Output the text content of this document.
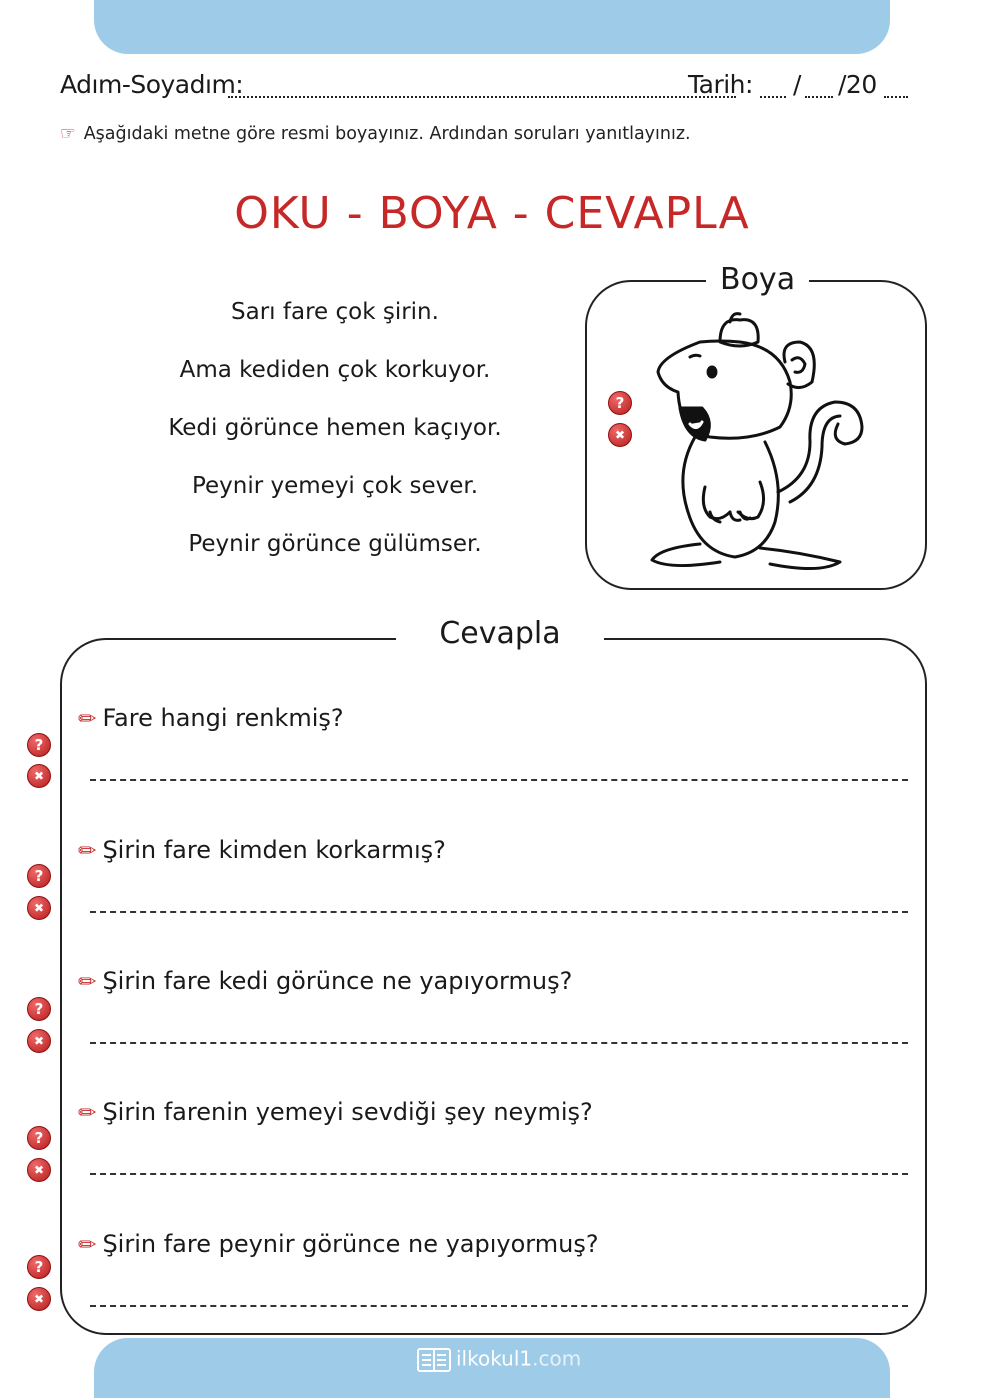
Adım-Soyadım:	Tarih: / /20
☞ Aşağıdaki metne göre resmi boyayınız. Ardından soruları yanıtlayınız.
OKU - BOYA - CEVAPLA
Sarı fare çok şirin.
Ama kediden çok korkuyor.
Kedi görünce hemen kaçıyor.
Peynir yemeyi çok sever.
Peynir görünce gülümser.
Boya
?
✖
Cevapla
✏ Fare hangi renkmiş?
?
✖
✏ Şirin fare kimden korkarmış?
?
✖
✏ Şirin fare kedi görünce ne yapıyormuş?
?
✖
✏ Şirin farenin yemeyi sevdiği şey neymiş?
?
✖
✏ Şirin fare peynir görünce ne yapıyormuş?
?
✖
ilkokul1.com
